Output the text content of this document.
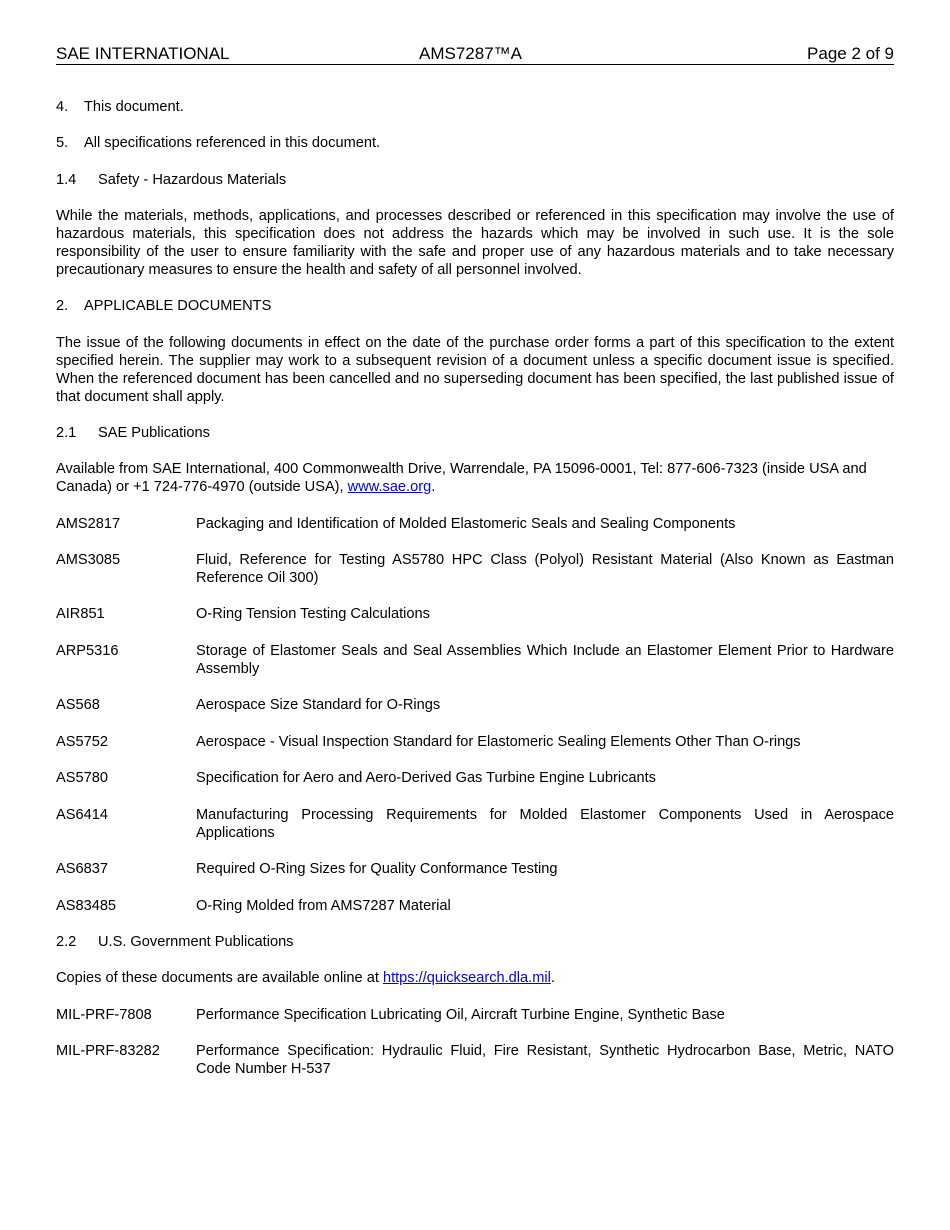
SAE INTERNATIONAL	AMS7287™A	Page 2 of 9
4. This document.
5. All specifications referenced in this document.
1.4 Safety - Hazardous Materials
While the materials, methods, applications, and processes described or referenced in this specification may involve the use of hazardous materials, this specification does not address the hazards which may be involved in such use. It is the sole responsibility of the user to ensure familiarity with the safe and proper use of any hazardous materials and to take necessary precautionary measures to ensure the health and safety of all personnel involved.
2. APPLICABLE DOCUMENTS
The issue of the following documents in effect on the date of the purchase order forms a part of this specification to the extent specified herein. The supplier may work to a subsequent revision of a document unless a specific document issue is specified. When the referenced document has been cancelled and no superseding document has been specified, the last published issue of that document shall apply.
2.1 SAE Publications
Available from SAE International, 400 Commonwealth Drive, Warrendale, PA 15096-0001, Tel: 877-606-7323 (inside USA and Canada) or +1 724-776-4970 (outside USA), www.sae.org.
AMS2817	Packaging and Identification of Molded Elastomeric Seals and Sealing Components
AMS3085	Fluid, Reference for Testing AS5780 HPC Class (Polyol) Resistant Material (Also Known as Eastman Reference Oil 300)
AIR851	O-Ring Tension Testing Calculations
ARP5316	Storage of Elastomer Seals and Seal Assemblies Which Include an Elastomer Element Prior to Hardware Assembly
AS568	Aerospace Size Standard for O-Rings
AS5752	Aerospace - Visual Inspection Standard for Elastomeric Sealing Elements Other Than O-rings
AS5780	Specification for Aero and Aero-Derived Gas Turbine Engine Lubricants
AS6414	Manufacturing Processing Requirements for Molded Elastomer Components Used in Aerospace Applications
AS6837	Required O-Ring Sizes for Quality Conformance Testing
AS83485	O-Ring Molded from AMS7287 Material
2.2 U.S. Government Publications
Copies of these documents are available online at https://quicksearch.dla.mil.
MIL-PRF-7808	Performance Specification Lubricating Oil, Aircraft Turbine Engine, Synthetic Base
MIL-PRF-83282 Performance Specification: Hydraulic Fluid, Fire Resistant, Synthetic Hydrocarbon Base, Metric, NATO Code Number H-537
